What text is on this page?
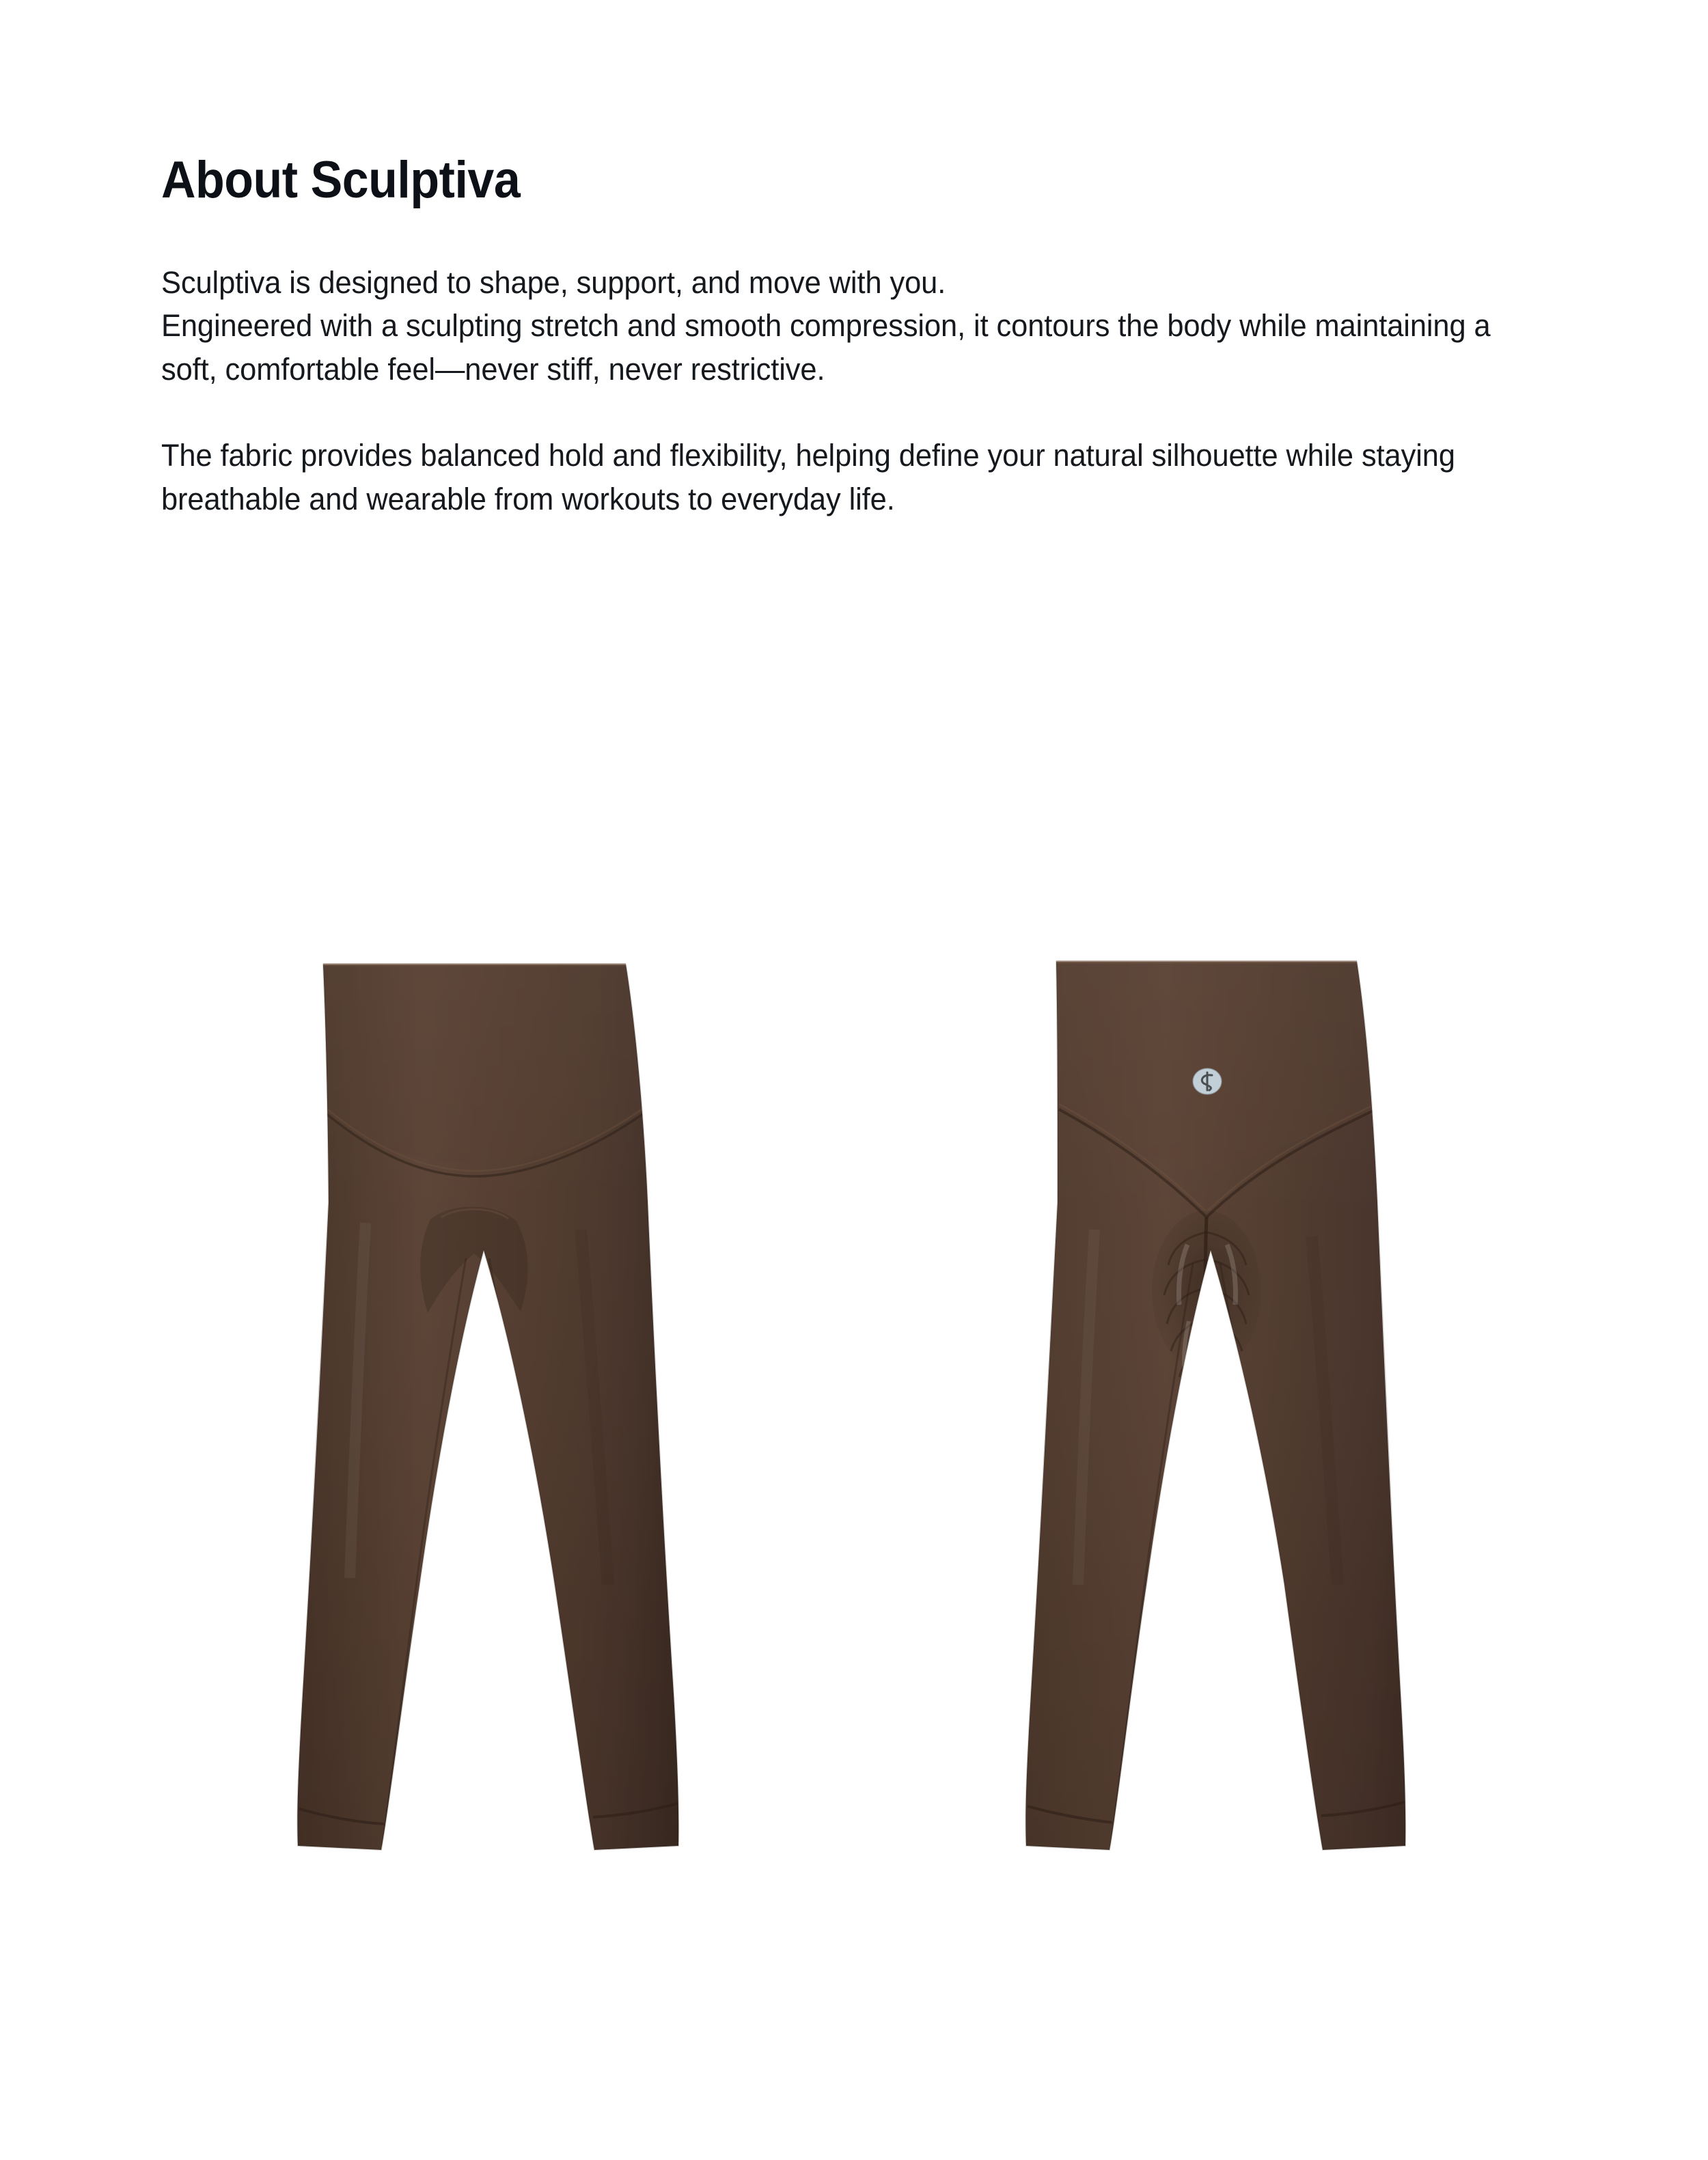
About Sculptiva

Sculptiva is designed to shape, support, and move with you.
Engineered with a sculpting stretch and smooth compression, it contours the body while maintaining a soft, comfortable feel—never stiff, never restrictive.

The fabric provides balanced hold and flexibility, helping define your natural silhouette while staying breathable and wearable from workouts to everyday life.
